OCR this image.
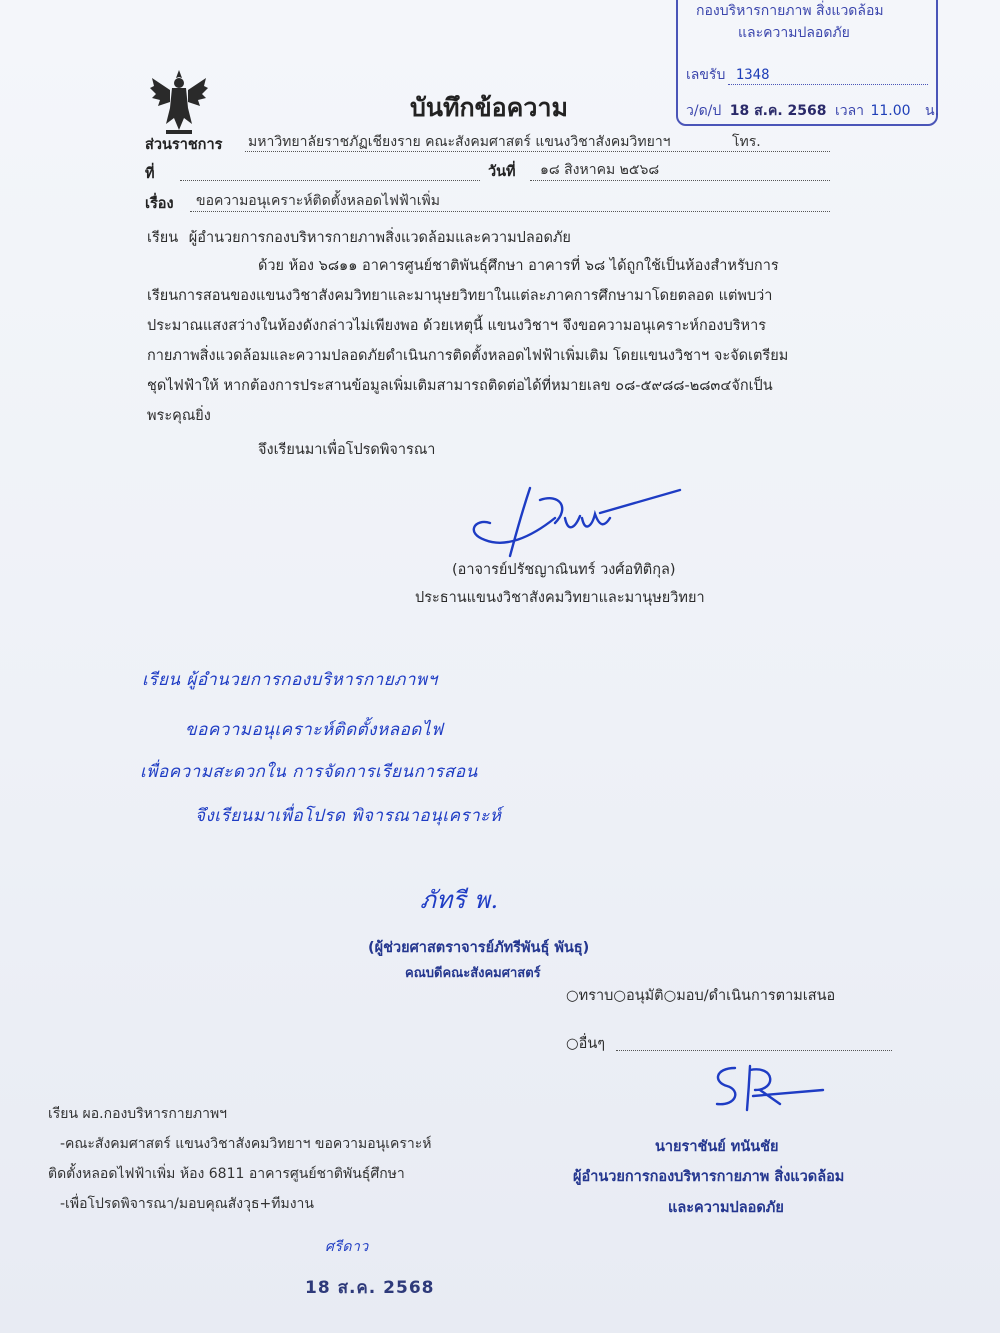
กองบริหารกายภาพ สิ่งแวดล้อม
และความปลอดภัย
เลขรับ 1348
ว/ด/ป 18 ส.ค. 2568 เวลา 11.00 น.
บันทึกข้อความ
ส่วนราชการ มหาวิทยาลัยราชภัฏเชียงราย คณะสังคมศาสตร์ แขนงวิชาสังคมวิทยาฯ	โทร.
ที่	วันที่ ๑๘ สิงหาคม ๒๕๖๘
เรื่อง ขอความอนุเคราะห์ติดตั้งหลอดไฟฟ้าเพิ่ม
เรียน ผู้อำนวยการกองบริหารกายภาพสิ่งแวดล้อมและความปลอดภัย
ด้วย ห้อง ๖๘๑๑ อาคารศูนย์ชาติพันธุ์ศึกษา อาคารที่ ๖๘ ได้ถูกใช้เป็นห้องสำหรับการ
เรียนการสอนของแขนงวิชาสังคมวิทยาและมานุษยวิทยาในแต่ละภาคการศึกษามาโดยตลอด แต่พบว่า
ประมาณแสงสว่างในห้องดังกล่าวไม่เพียงพอ ด้วยเหตุนี้ แขนงวิชาฯ จึงขอความอนุเคราะห์กองบริหาร
กายภาพสิ่งแวดล้อมและความปลอดภัยดำเนินการติดตั้งหลอดไฟฟ้าเพิ่มเติม โดยแขนงวิชาฯ จะจัดเตรียม
ชุดไฟฟ้าให้ หากต้องการประสานข้อมูลเพิ่มเติมสามารถติดต่อได้ที่หมายเลข ๐๘-๕๙๘๘-๒๘๓๔จักเป็น
พระคุณยิ่ง
จึงเรียนมาเพื่อโปรดพิจารณา
(อาจารย์ปรัชญาณินทร์ วงศ์อทิติกุล)
ประธานแขนงวิชาสังคมวิทยาและมานุษยวิทยา
เรียน ผู้อำนวยการกองบริหารกายภาพฯ
ขอความอนุเคราะห์ติดตั้งหลอดไฟ
เพื่อความสะดวกใน การจัดการเรียนการสอน
จึงเรียนมาเพื่อโปรด พิจารณาอนุเคราะห์
ภัทรี พ.
(ผู้ช่วยศาสตราจารย์ภัทรีพันธุ์ พันธุ)
คณบดีคณะสังคมศาสตร์
○ทราบ○อนุมัติ○มอบ/ดำเนินการตามเสนอ
○อื่นๆ
นายราชันย์ ทนันชัย
ผู้อำนวยการกองบริหารกายภาพ สิ่งแวดล้อม
และความปลอดภัย
เรียน ผอ.กองบริหารกายภาพฯ
-คณะสังคมศาสตร์ แขนงวิชาสังคมวิทยาฯ ขอความอนุเคราะห์
ติดตั้งหลอดไฟฟ้าเพิ่ม ห้อง 6811 อาคารศูนย์ชาติพันธุ์ศึกษา
-เพื่อโปรดพิจารณา/มอบคุณสังวุธ+ทีมงาน
ศรีดาว
18 ส.ค. 2568
